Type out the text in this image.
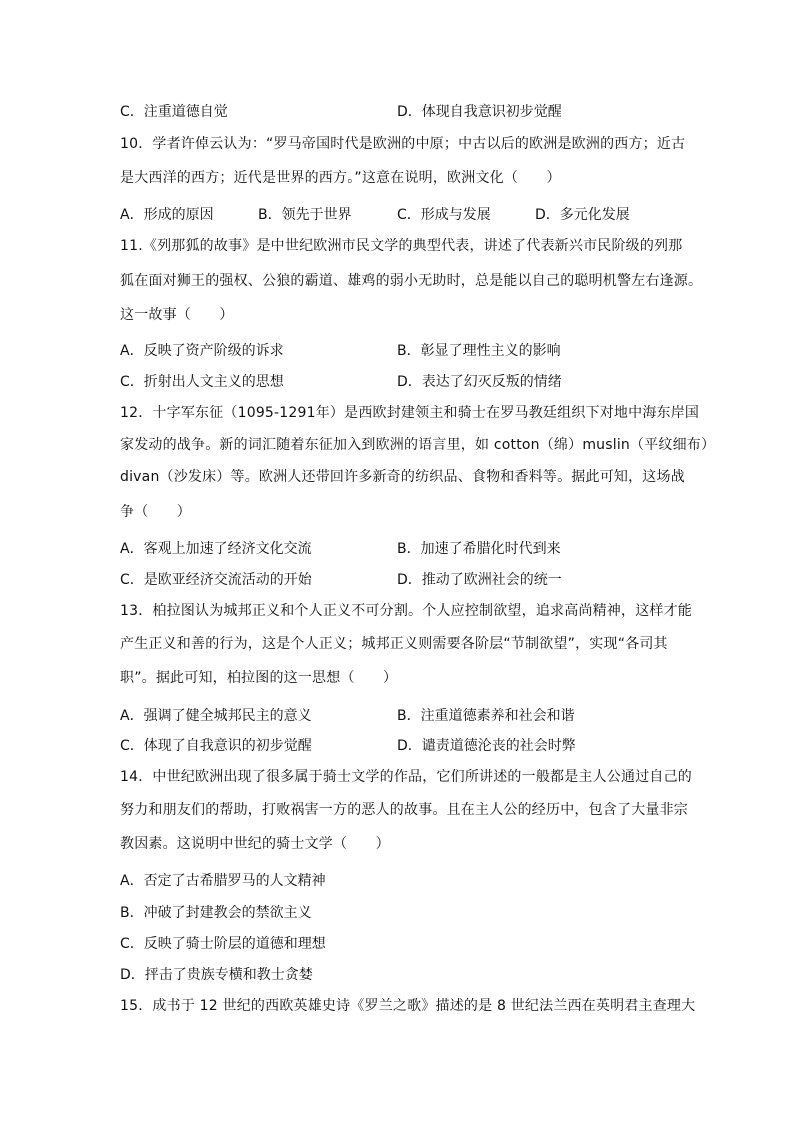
C．注重道德自觉	D．体现自我意识初步觉醒
10．学者许倬云认为：“罗马帝国时代是欧洲的中原；中古以后的欧洲是欧洲的西方；近古
是大西洋的西方；近代是世界的西方。”这意在说明，欧洲文化（　　）
A．形成的原因	B．领先于世界	C．形成与发展	D．多元化发展
11.《列那狐的故事》是中世纪欧洲市民文学的典型代表，讲述了代表新兴市民阶级的列那
狐在面对狮王的强权、公狼的霸道、雄鸡的弱小无助时，总是能以自己的聪明机警左右逢源。
这一故事（　　）
A．反映了资产阶级的诉求	B．彰显了理性主义的影响
C．折射出人文主义的思想	D．表达了幻灭反叛的情绪
12．十字军东征（1095-1291年）是西欧封建领主和骑士在罗马教廷组织下对地中海东岸国
家发动的战争。新的词汇随着东征加入到欧洲的语言里，如 cotton（绵）muslin（平纹细布）
divan（沙发床）等。欧洲人还带回许多新奇的纺织品、食物和香料等。据此可知，这场战
争（　　）
A．客观上加速了经济文化交流	B．加速了希腊化时代到来
C．是欧亚经济交流活动的开始	D．推动了欧洲社会的统一
13．柏拉图认为城邦正义和个人正义不可分割。个人应控制欲望，追求高尚精神，这样才能
产生正义和善的行为，这是个人正义；城邦正义则需要各阶层“节制欲望”，实现“各司其
职”。据此可知，柏拉图的这一思想（　　）
A．强调了健全城邦民主的意义	B．注重道德素养和社会和谐
C．体现了自我意识的初步觉醒	D．谴责道德沦丧的社会时弊
14．中世纪欧洲出现了很多属于骑士文学的作品，它们所讲述的一般都是主人公通过自己的
努力和朋友们的帮助，打败祸害一方的恶人的故事。且在主人公的经历中，包含了大量非宗
教因素。这说明中世纪的骑士文学（　　）
A．否定了古希腊罗马的人文精神
B．冲破了封建教会的禁欲主义
C．反映了骑士阶层的道德和理想
D．抨击了贵族专横和教士贪婪
15．成书于 12 世纪的西欧英雄史诗《罗兰之歌》描述的是 8 世纪法兰西在英明君主查理大
